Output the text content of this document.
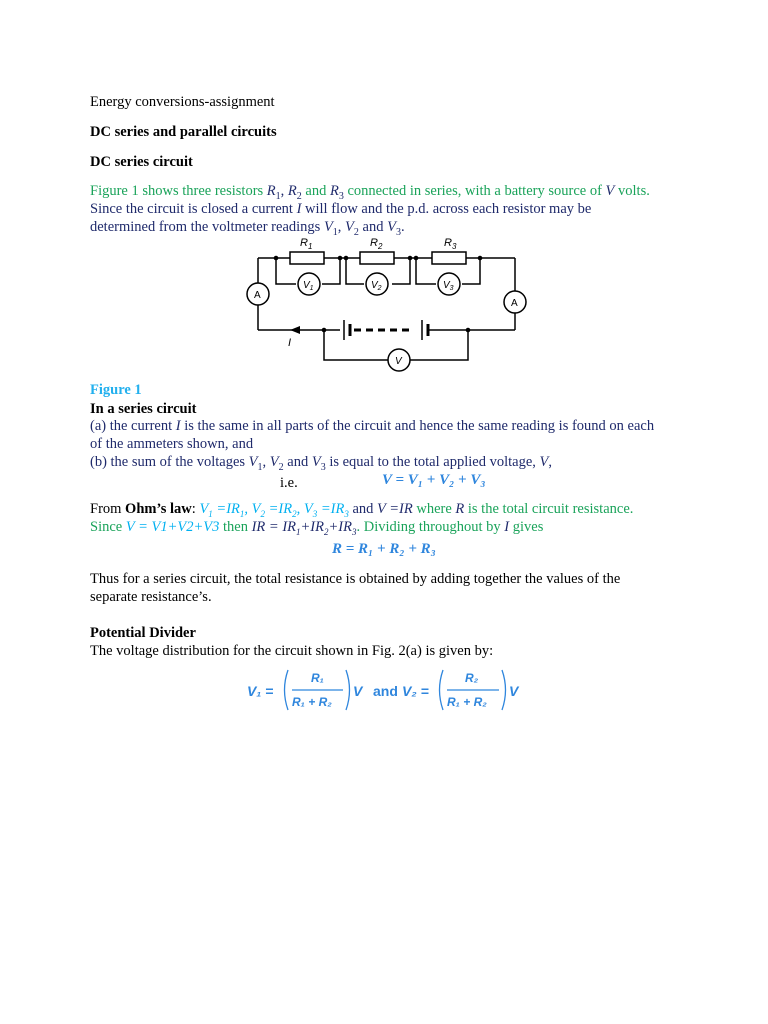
Energy conversions-assignment
DC series and parallel circuits
DC series circuit
Figure 1 shows three resistors $R_1$, $R_2$ and $R_3$ connected in series, with a battery source of V volts.
Since the circuit is closed a current I will flow and the p.d. across each resistor may be
determined from the voltmeter readings $V_1$, $V_2$ and $V_3$.
$R_1$	$R_2$	$R_3$
$V_1$	$V_2$	$V_3$
V
I
A
A
Figure 1
In a series circuit
(a) the current I is the same in all parts of the circuit and hence the same reading is found on each
of the ammeters shown, and
(b) the sum of the voltages $V_1$, $V_2$ and $V_3$ is equal to the total applied voltage, V,
i.e.	V = V₁ + V₂ + V₃
From Ohm’s law: $V_1 =IR_1$, $V_2 =IR_2$, $V_3 =IR_3$ and V =IR where R is the total circuit resistance.
Since V = V1+V2+V3 then IR = $IR_1+IR_2+IR_3$. Dividing throughout by I gives
R = R₁ + R₂ + R₃
Thus for a series circuit, the total resistance is obtained by adding together the values of the
separate resistance’s.
Potential Divider
The voltage distribution for the circuit shown in Fig. 2(a) is given by:
V₁ =
R₁
R₁ + R₂
V and V₂ =
R₂
R₁ + R₂
V
